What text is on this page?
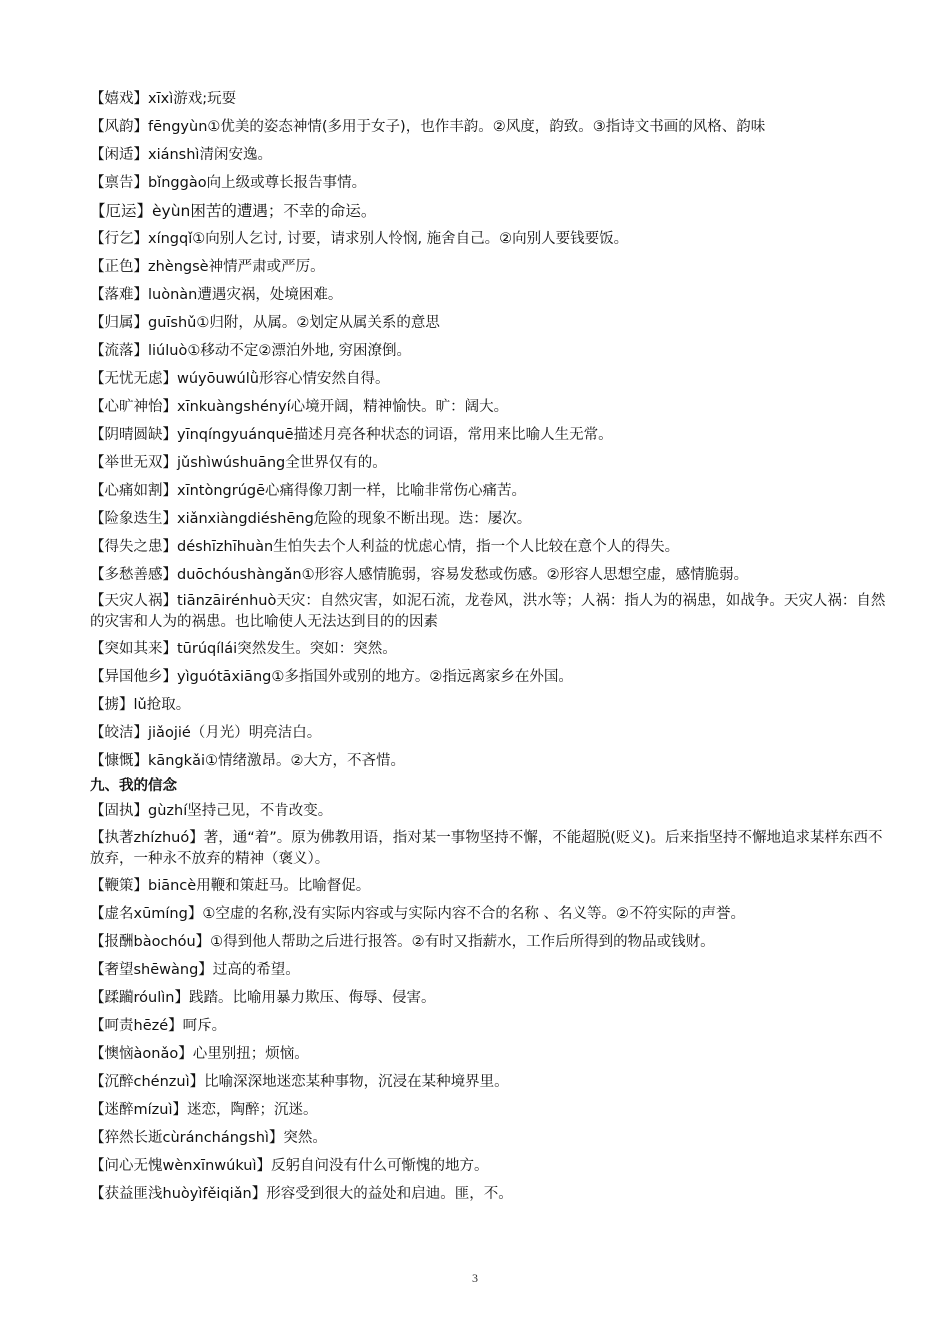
【嬉戏】xīxì游戏;玩耍

【风韵】fēngyùn①优美的姿态神情(多用于女子)，也作丰韵。②风度，韵致。③指诗文书画的风格、韵味

【闲适】xiánshì清闲安逸。

【禀告】bǐnggào向上级或尊长报告事情。

【厄运】èyùn困苦的遭遇；不幸的命运。

【行乞】xíngqǐ①向别人乞讨, 讨要，请求别人怜悯, 施舍自己。②向别人要钱要饭。

【正色】zhèngsè神情严肃或严厉。

【落难】luònàn遭遇灾祸，处境困难。

【归属】guīshǔ①归附，从属。②划定从属关系的意思

【流落】liúluò①移动不定②漂泊外地, 穷困潦倒。

【无忧无虑】wúyōuwúlǜ形容心情安然自得。

【心旷神怡】xīnkuàngshényí心境开阔，精神愉快。旷：阔大。

【阴晴圆缺】yīnqíngyuánquē描述月亮各种状态的词语，常用来比喻人生无常。

【举世无双】jǔshìwúshuāng全世界仅有的。

【心痛如割】xīntòngrúgē心痛得像刀割一样，比喻非常伤心痛苦。

【险象迭生】xiǎnxiàngdiéshēng危险的现象不断出现。迭：屡次。

【得失之患】déshīzhīhuàn生怕失去个人利益的忧虑心情，指一个人比较在意个人的得失。

【多愁善感】duōchóushàngǎn①形容人感情脆弱，容易发愁或伤感。②形容人思想空虚，感情脆弱。

【天灾人祸】tiānzāirénhuò天灾：自然灾害，如泥石流，龙卷风，洪水等；人祸：指人为的祸患，如战争。天灾人祸：自然的灾害和人为的祸患。也比喻使人无法达到目的的因素

【突如其来】tūrúqílái突然发生。突如：突然。

【异国他乡】yìguótāxiāng①多指国外或别的地方。②指远离家乡在外国。

【掳】lǔ抢取。

【皎洁】jiǎojié（月光）明亮洁白。

【慷慨】kāngkǎi①情绪激昂。②大方，不吝惜。

九、我的信念

【固执】gùzhí坚持己见，不肯改变。

【执著zhízhuó】著，通“着”。原为佛教用语，指对某一事物坚持不懈，不能超脱(贬义)。后来指坚持不懈地追求某样东西不放弃，一种永不放弃的精神（褒义）。

【鞭策】biāncè用鞭和策赶马。比喻督促。

【虚名xūmíng】①空虚的名称,没有实际内容或与实际内容不合的名称 、名义等。②不符实际的声誉。

【报酬bàochóu】①得到他人帮助之后进行报答。②有时又指薪水，工作后所得到的物品或钱财。

【奢望shēwàng】过高的希望。

【蹂躏róulìn】践踏。比喻用暴力欺压、侮辱、侵害。

【呵责hēzé】呵斥。

【懊恼àonǎo】心里别扭；烦恼。

【沉醉chénzuì】比喻深深地迷恋某种事物，沉浸在某种境界里。

【迷醉mízuì】迷恋，陶醉；沉迷。

【猝然长逝cùránchángshì】突然。

【问心无愧wènxīnwúkuì】反躬自问没有什么可惭愧的地方。

【获益匪浅huòyìfěiqiǎn】形容受到很大的益处和启迪。匪，不。

3
